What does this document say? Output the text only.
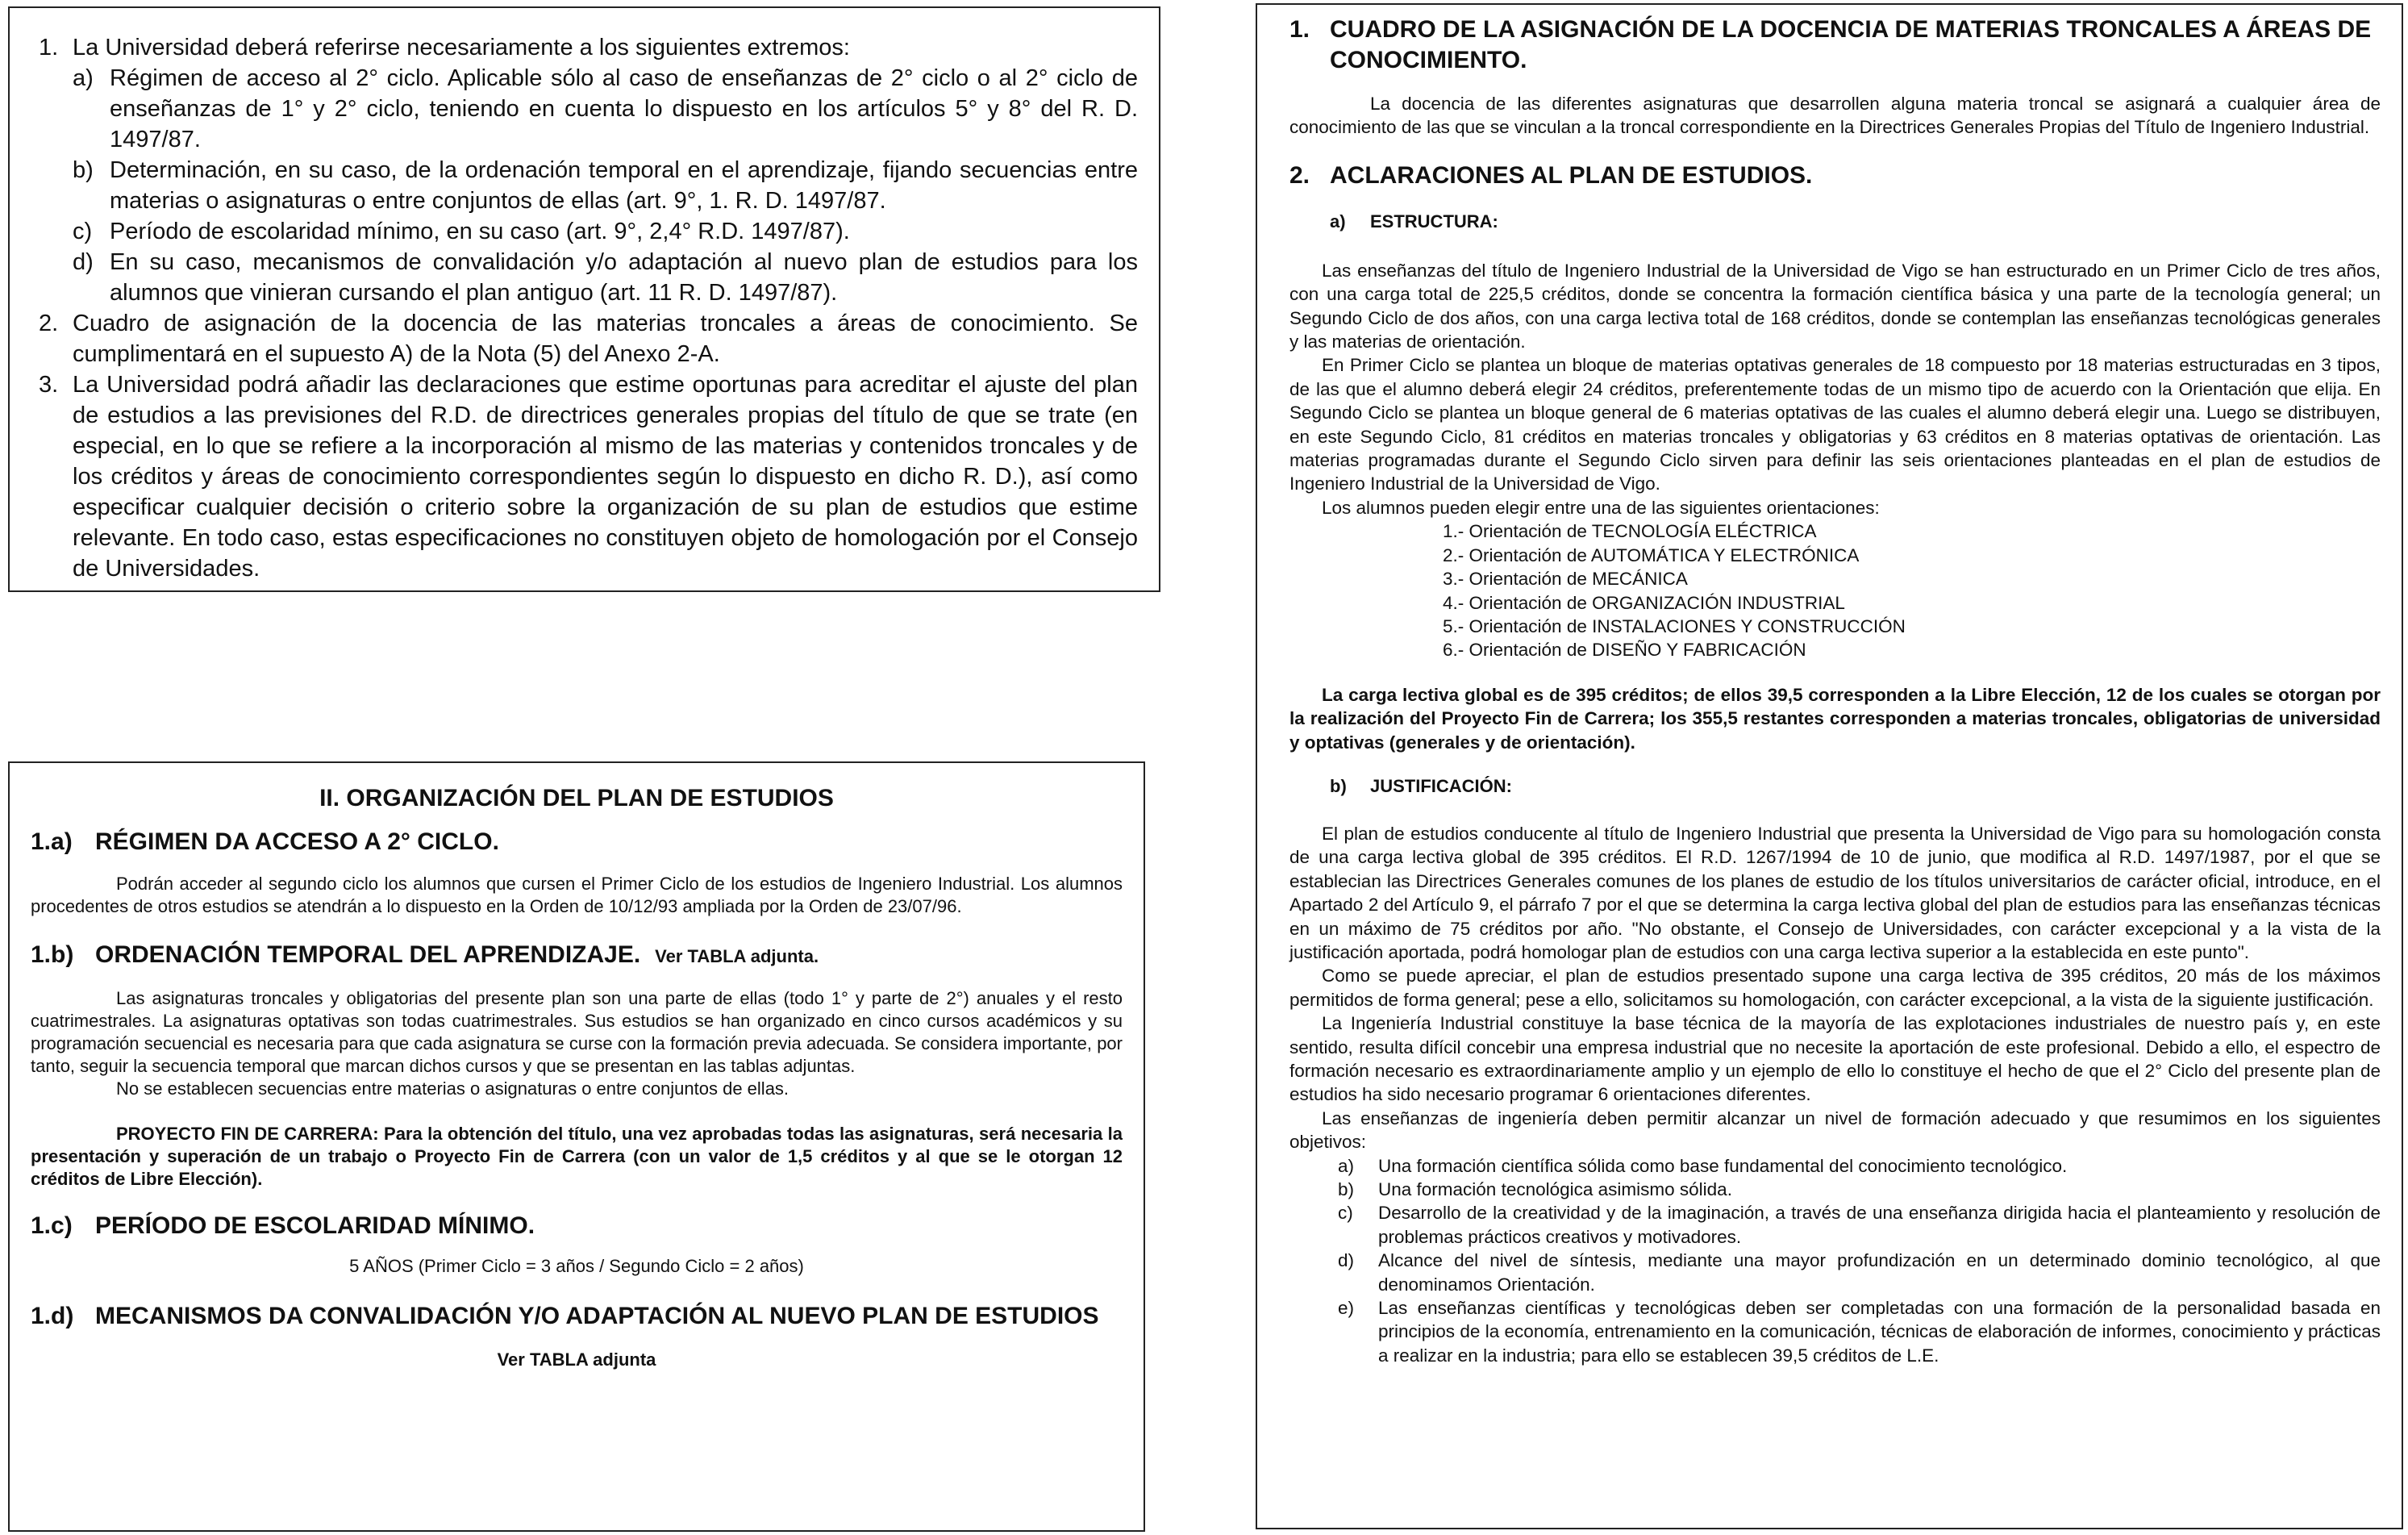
1. La Universidad deberá referirse necesariamente a los siguientes extremos:
a) Régimen de acceso al 2° ciclo. Aplicable sólo al caso de enseñanzas de 2° ciclo o al 2° ciclo de enseñanzas de 1° y 2° ciclo, teniendo en cuenta lo dispuesto en los artículos 5° y 8° del R. D. 1497/87.
b) Determinación, en su caso, de la ordenación temporal en el aprendizaje, fijando secuencias entre materias o asignaturas o entre conjuntos de ellas (art. 9°, 1. R. D. 1497/87.
c) Período de escolaridad mínimo, en su caso (art. 9°, 2,4° R.D. 1497/87).
d) En su caso, mecanismos de convalidación y/o adaptación al nuevo plan de estudios para los alumnos que vinieran cursando el plan antiguo (art. 11 R. D. 1497/87).
2. Cuadro de asignación de la docencia de las materias troncales a áreas de conocimiento. Se cumplimentará en el supuesto A) de la Nota (5) del Anexo 2-A.
3. La Universidad podrá añadir las declaraciones que estime oportunas para acreditar el ajuste del plan de estudios a las previsiones del R.D. de directrices generales propias del título de que se trate (en especial, en lo que se refiere a la incorporación al mismo de las materias y contenidos troncales y de los créditos y áreas de conocimiento correspondientes según lo dispuesto en dicho R. D.), así como especificar cualquier decisión o criterio sobre la organización de su plan de estudios que estime relevante. En todo caso, estas especificaciones no constituyen objeto de homologación por el Consejo de Universidades.
II. ORGANIZACIÓN DEL PLAN DE ESTUDIOS
1.a) RÉGIMEN DA ACCESO A 2° CICLO.

Podrán acceder al segundo ciclo los alumnos que cursen el Primer Ciclo de los estudios de Ingeniero Industrial. Los alumnos procedentes de otros estudios se atendrán a lo dispuesto en la Orden de 10/12/93 ampliada por la Orden de 23/07/96.

1.b) ORDENACIÓN TEMPORAL DEL APRENDIZAJE. Ver TABLA adjunta.

Las asignaturas troncales y obligatorias del presente plan son una parte de ellas (todo 1° y parte de 2°) anuales y el resto cuatrimestrales. La asignaturas optativas son todas cuatrimestrales. Sus estudios se han organizado en cinco cursos académicos y su programación secuencial es necesaria para que cada asignatura se curse con la formación previa adecuada. Se considera importante, por tanto, seguir la secuencia temporal que marcan dichos cursos y que se presentan en las tablas adjuntas.

No se establecen secuencias entre materias o asignaturas o entre conjuntos de ellas.

PROYECTO FIN DE CARRERA: Para la obtención del título, una vez aprobadas todas las asignaturas, será necesaria la presentación y superación de un trabajo o Proyecto Fin de Carrera (con un valor de 1,5 créditos y al que se le otorgan 12 créditos de Libre Elección).

1.c) PERÍODO DE ESCOLARIDAD MÍNIMO.

5 AÑOS (Primer Ciclo = 3 años / Segundo Ciclo = 2 años)

1.d) MECANISMOS DA CONVALIDACIÓN Y/O ADAPTACIÓN AL NUEVO PLAN DE ESTUDIOS

Ver TABLA adjunta

1. CUADRO DE LA ASIGNACIÓN DE LA DOCENCIA DE MATERIAS TRONCALES A ÁREAS DE CONOCIMIENTO.

La docencia de las diferentes asignaturas que desarrollen alguna materia troncal se asignará a cualquier área de conocimiento de las que se vinculan a la troncal correspondiente en la Directrices Generales Propias del Título de Ingeniero Industrial.

2. ACLARACIONES AL PLAN DE ESTUDIOS.
a) ESTRUCTURA:

Las enseñanzas del título de Ingeniero Industrial de la Universidad de Vigo se han estructurado en un Primer Ciclo de tres años, con una carga total de 225,5 créditos, donde se concentra la formación científica básica y una parte de la tecnología general; un Segundo Ciclo de dos años, con una carga lectiva total de 168 créditos, donde se contemplan las enseñanzas tecnológicas generales y las materias de orientación.

En Primer Ciclo se plantea un bloque de materias optativas generales de 18 compuesto por 18 materias estructuradas en 3 tipos, de las que el alumno deberá elegir 24 créditos, preferentemente todas de un mismo tipo de acuerdo con la Orientación que elija. En Segundo Ciclo se plantea un bloque general de 6 materias optativas de las cuales el alumno deberá elegir una. Luego se distribuyen, en este Segundo Ciclo, 81 créditos en materias troncales y obligatorias y 63 créditos en 8 materias optativas de orientación. Las materias programadas durante el Segundo Ciclo sirven para definir las seis orientaciones planteadas en el plan de estudios de Ingeniero Industrial de la Universidad de Vigo.

Los alumnos pueden elegir entre una de las siguientes orientaciones:

1.- Orientación de TECNOLOGÍA ELÉCTRICA
2.- Orientación de AUTOMÁTICA Y ELECTRÓNICA
3.- Orientación de MECÁNICA
4.- Orientación de ORGANIZACIÓN INDUSTRIAL
5.- Orientación de INSTALACIONES Y CONSTRUCCIÓN
6.- Orientación de DISEÑO Y FABRICACIÓN

La carga lectiva global es de 395 créditos; de ellos 39,5 corresponden a la Libre Elección, 12 de los cuales se otorgan por la realización del Proyecto Fin de Carrera; los 355,5 restantes corresponden a materias troncales, obligatorias de universidad y optativas (generales y de orientación).

b) JUSTIFICACIÓN:

El plan de estudios conducente al título de Ingeniero Industrial que presenta la Universidad de Vigo para su homologación consta de una carga lectiva global de 395 créditos. El R.D. 1267/1994 de 10 de junio, que modifica al R.D. 1497/1987, por el que se establecian las Directrices Generales comunes de los planes de estudio de los títulos universitarios de carácter oficial, introduce, en el Apartado 2 del Artículo 9, el párrafo 7 por el que se determina la carga lectiva global del plan de estudios para las enseñanzas técnicas en un máximo de 75 créditos por año. "No obstante, el Consejo de Universidades, con carácter excepcional y a la vista de la justificación aportada, podrá homologar plan de estudios con una carga lectiva superior a la establecida en este punto".

Como se puede apreciar, el plan de estudios presentado supone una carga lectiva de 395 créditos, 20 más de los máximos permitidos de forma general; pese a ello, solicitamos su homologación, con carácter excepcional, a la vista de la siguiente justificación.

La Ingeniería Industrial constituye la base técnica de la mayoría de las explotaciones industriales de nuestro país y, en este sentido, resulta difícil concebir una empresa industrial que no necesite la aportación de este profesional. Debido a ello, el espectro de formación necesario es extraordinariamente amplio y un ejemplo de ello lo constituye el hecho de que el 2° Ciclo del presente plan de estudios ha sido necesario programar 6 orientaciones diferentes.

Las enseñanzas de ingeniería deben permitir alcanzar un nivel de formación adecuado y que resumimos en los siguientes objetivos:

a)	Una formación científica sólida como base fundamental del conocimiento tecnológico.
b)	Una formación tecnológica asimismo sólida.
c)	Desarrollo de la creatividad y de la imaginación, a través de una enseñanza dirigida hacia el planteamiento y resolución de problemas prácticos creativos y motivadores.
d)	Alcance del nivel de síntesis, mediante una mayor profundización en un determinado dominio tecnológico, al que denominamos Orientación.
e)	Las enseñanzas científicas y tecnológicas deben ser completadas con una formación de la personalidad basada en principios de la economía, entrenamiento en la comunicación, técnicas de elaboración de informes, conocimiento y prácticas a realizar en la industria; para ello se establecen 39,5 créditos de L.E.
